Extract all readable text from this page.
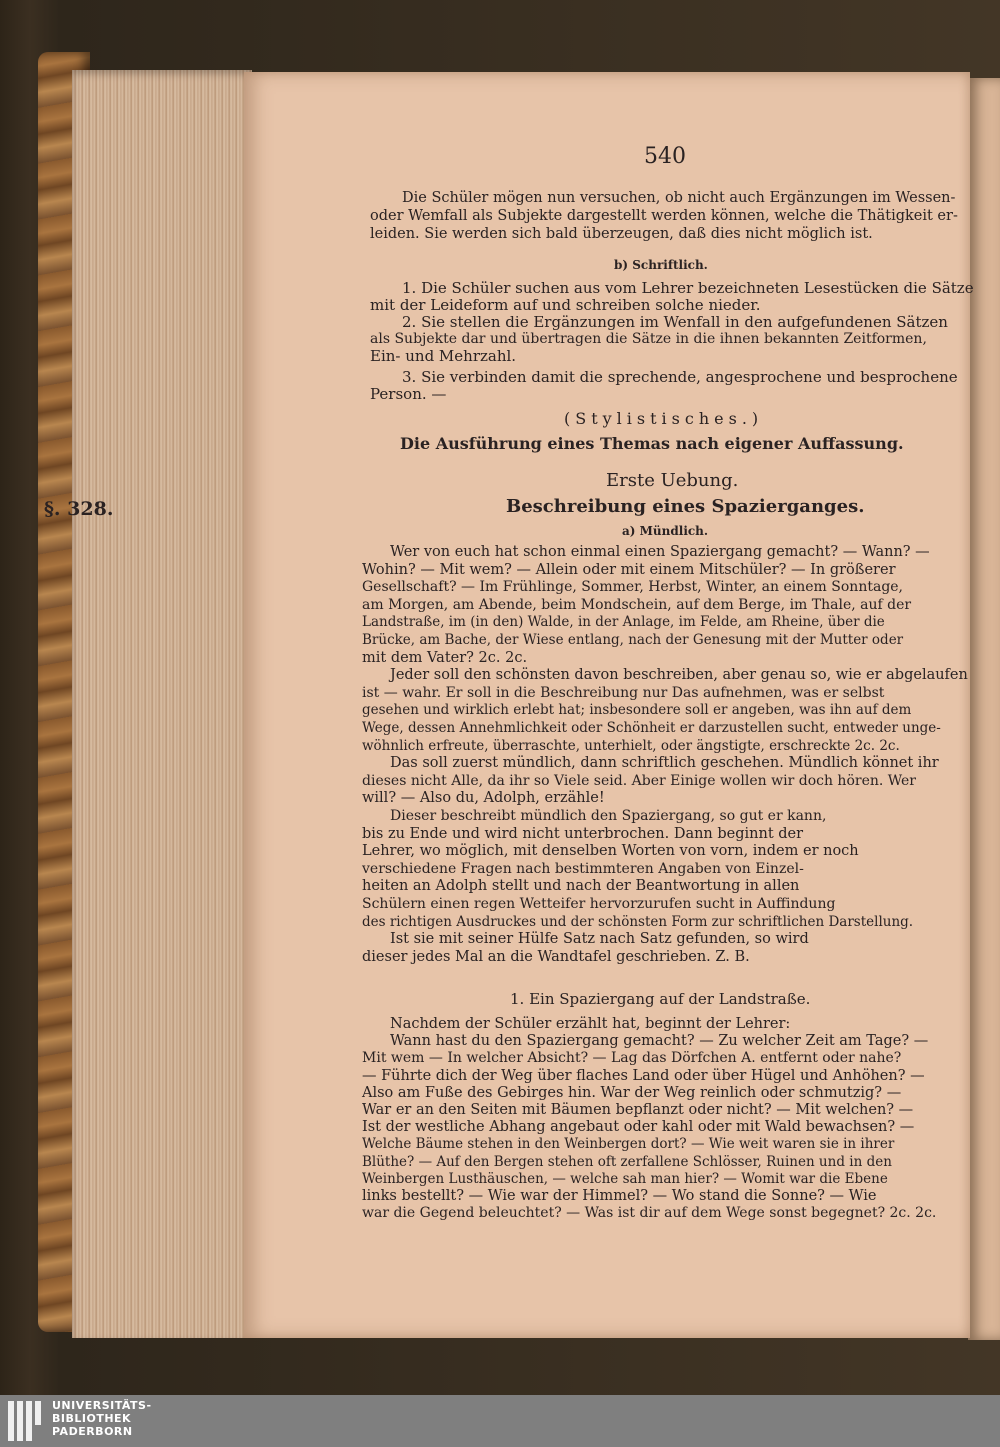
540
§. 328.
Die Schüler mögen nun versuchen, ob nicht auch Ergänzungen im Wessen-
oder Wemfall als Subjekte dargestellt werden können, welche die Thätigkeit er-
leiden. Sie werden sich bald überzeugen, daß dies nicht möglich ist.
b) Schriftlich.
1. Die Schüler suchen aus vom Lehrer bezeichneten Lesestücken die Sätze
mit der Leideform auf und schreiben solche nieder.
2. Sie stellen die Ergänzungen im Wenfall in den aufgefundenen Sätzen
als Subjekte dar und übertragen die Sätze in die ihnen bekannten Zeitformen,
Ein- und Mehrzahl.
3. Sie verbinden damit die sprechende, angesprochene und besprochene
Person. —
(Stylistisches.)
Die Ausführung eines Themas nach eigener Auffassung.
Erste Uebung.
Beschreibung eines Spazierganges.
a) Mündlich.
Wer von euch hat schon einmal einen Spaziergang gemacht? — Wann? —
Wohin? — Mit wem? — Allein oder mit einem Mitschüler? — In größerer
Gesellschaft? — Im Frühlinge, Sommer, Herbst, Winter, an einem Sonntage,
am Morgen, am Abende, beim Mondschein, auf dem Berge, im Thale, auf der
Landstraße, im (in den) Walde, in der Anlage, im Felde, am Rheine, über die
Brücke, am Bache, der Wiese entlang, nach der Genesung mit der Mutter oder
mit dem Vater? 2c. 2c.
Jeder soll den schönsten davon beschreiben, aber genau so, wie er abgelaufen
ist — wahr. Er soll in die Beschreibung nur Das aufnehmen, was er selbst
gesehen und wirklich erlebt hat; insbesondere soll er angeben, was ihn auf dem
Wege, dessen Annehmlichkeit oder Schönheit er darzustellen sucht, entweder unge-
wöhnlich erfreute, überraschte, unterhielt, oder ängstigte, erschreckte 2c. 2c.
Das soll zuerst mündlich, dann schriftlich geschehen. Mündlich könnet ihr
dieses nicht Alle, da ihr so Viele seid. Aber Einige wollen wir doch hören. Wer
will? — Also du, Adolph, erzähle!
Dieser beschreibt mündlich den Spaziergang, so gut er kann,
bis zu Ende und wird nicht unterbrochen. Dann beginnt der
Lehrer, wo möglich, mit denselben Worten von vorn, indem er noch
verschiedene Fragen nach bestimmteren Angaben von Einzel-
heiten an Adolph stellt und nach der Beantwortung in allen
Schülern einen regen Wetteifer hervorzurufen sucht in Auffindung
des richtigen Ausdruckes und der schönsten Form zur schriftlichen Darstellung.
Ist sie mit seiner Hülfe Satz nach Satz gefunden, so wird
dieser jedes Mal an die Wandtafel geschrieben. Z. B.
1. Ein Spaziergang auf der Landstraße.
Nachdem der Schüler erzählt hat, beginnt der Lehrer:
Wann hast du den Spaziergang gemacht? — Zu welcher Zeit am Tage? —
Mit wem — In welcher Absicht? — Lag das Dörfchen A. entfernt oder nahe?
— Führte dich der Weg über flaches Land oder über Hügel und Anhöhen? —
Also am Fuße des Gebirges hin. War der Weg reinlich oder schmutzig? —
War er an den Seiten mit Bäumen bepflanzt oder nicht? — Mit welchen? —
Ist der westliche Abhang angebaut oder kahl oder mit Wald bewachsen? —
Welche Bäume stehen in den Weinbergen dort? — Wie weit waren sie in ihrer
Blüthe? — Auf den Bergen stehen oft zerfallene Schlösser, Ruinen und in den
Weinbergen Lusthäuschen, — welche sah man hier? — Womit war die Ebene
links bestellt? — Wie war der Himmel? — Wo stand die Sonne? — Wie
war die Gegend beleuchtet? — Was ist dir auf dem Wege sonst begegnet? 2c. 2c.
UNIVERSITÄTS-
BIBLIOTHEK
PADERBORN
